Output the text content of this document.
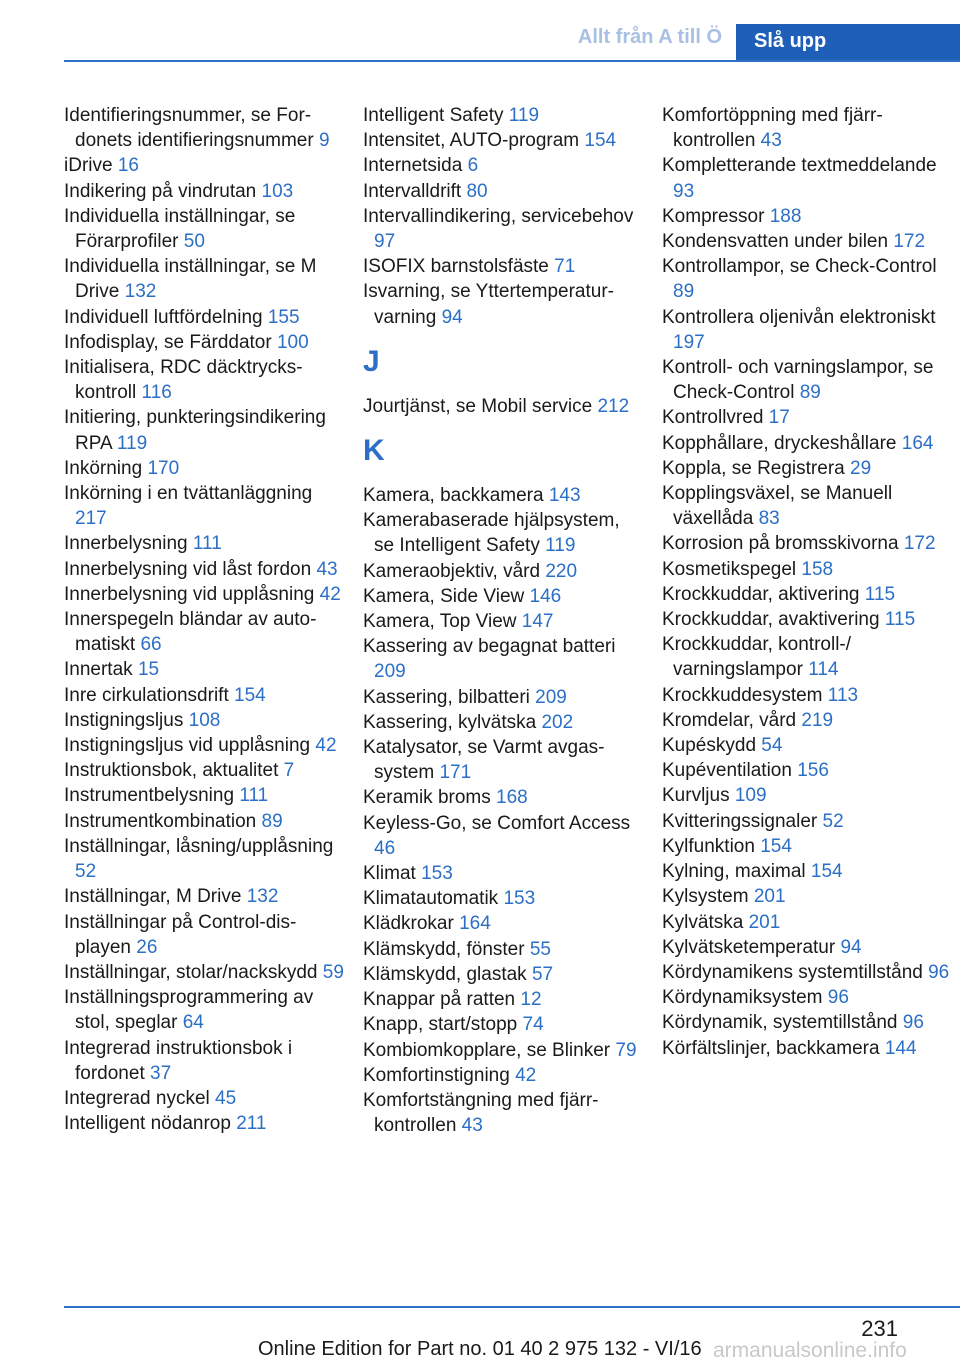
Allt från A till Ö	Slå upp
Identifieringsnummer, se Fordonets identifieringsnummer 9
iDrive 16
Indikering på vindrutan 103
Individuella inställningar, se Förarprofiler 50
Individuella inställningar, se M Drive 132
Individuell luftfördelning 155
Infodisplay, se Färddator 100
Initialisera, RDC däcktryckskontroll 116
Initiering, punkteringsindikering RPA 119
Inkörning 170
Inkörning i en tvättanläggning 217
Innerbelysning 111
Innerbelysning vid låst fordon 43
Innerbelysning vid upplåsning 42
Innerspegeln bländar av automatiskt 66
Innertak 15
Inre cirkulationsdrift 154
Instigningsljus 108
Instigningsljus vid upplåsning 42
Instruktionsbok, aktualitet 7
Instrumentbelysning 111
Instrumentkombination 89
Inställningar, låsning/upplåsning 52
Inställningar, M Drive 132
Inställningar på Control-displayen 26
Inställningar, stolar/nackskydd 59
Inställningsprogrammering av stol, speglar 64
Integrerad instruktionsbok i fordonet 37
Integrerad nyckel 45
Intelligent nödanrop 211
Intelligent Safety 119
Intensitet, AUTO-program 154
Internetsida 6
Intervalldrift 80
Intervallindikering, servicebehov 97
ISOFIX barnstolsfäste 71
Isvarning, se Yttertemperaturvarning 94
J
Jourtjänst, se Mobil service 212
K
Kamera, backkamera 143
Kamerabaserade hjälpsystem, se Intelligent Safety 119
Kameraobjektiv, vård 220
Kamera, Side View 146
Kamera, Top View 147
Kassering av begagnat batteri 209
Kassering, bilbatteri 209
Kassering, kylvätska 202
Katalysator, se Varmt avgassystem 171
Keramik broms 168
Keyless-Go, se Comfort Access 46
Klimat 153
Klimatautomatik 153
Klädkrokar 164
Klämskydd, fönster 55
Klämskydd, glastak 57
Knappar på ratten 12
Knapp, start/stopp 74
Kombiomkopplare, se Blinker 79
Komfortinstigning 42
Komfortstängning med fjärrkontrollen 43
Komfortöppning med fjärrkontrollen 43
Kompletterande textmeddelande 93
Kompressor 188
Kondensvatten under bilen 172
Kontrollampor, se Check-Control 89
Kontrollera oljenivån elektroniskt 197
Kontroll- och varningslampor, se Check-Control 89
Kontrollvred 17
Kopphållare, dryckeshållare 164
Koppla, se Registrera 29
Kopplingsväxel, se Manuell växellåda 83
Korrosion på bromsskivorna 172
Kosmetikspegel 158
Krockkuddar, aktivering 115
Krockkuddar, avaktivering 115
Krockkuddar, kontroll-/ varningslampor 114
Krockkuddesystem 113
Kromdelar, vård 219
Kupéskydd 54
Kupéventilation 156
Kurvljus 109
Kvitteringssignaler 52
Kylfunktion 154
Kylning, maximal 154
Kylsystem 201
Kylvätska 201
Kylvätsketemperatur 94
Kördynamikens systemtillstånd 96
Kördynamiksystem 96
Kördynamik, systemtillstånd 96
Körfältslinjer, backkamera 144
231
Online Edition for Part no. 01 40 2 975 132 - VI/16 armanualsonline.info
